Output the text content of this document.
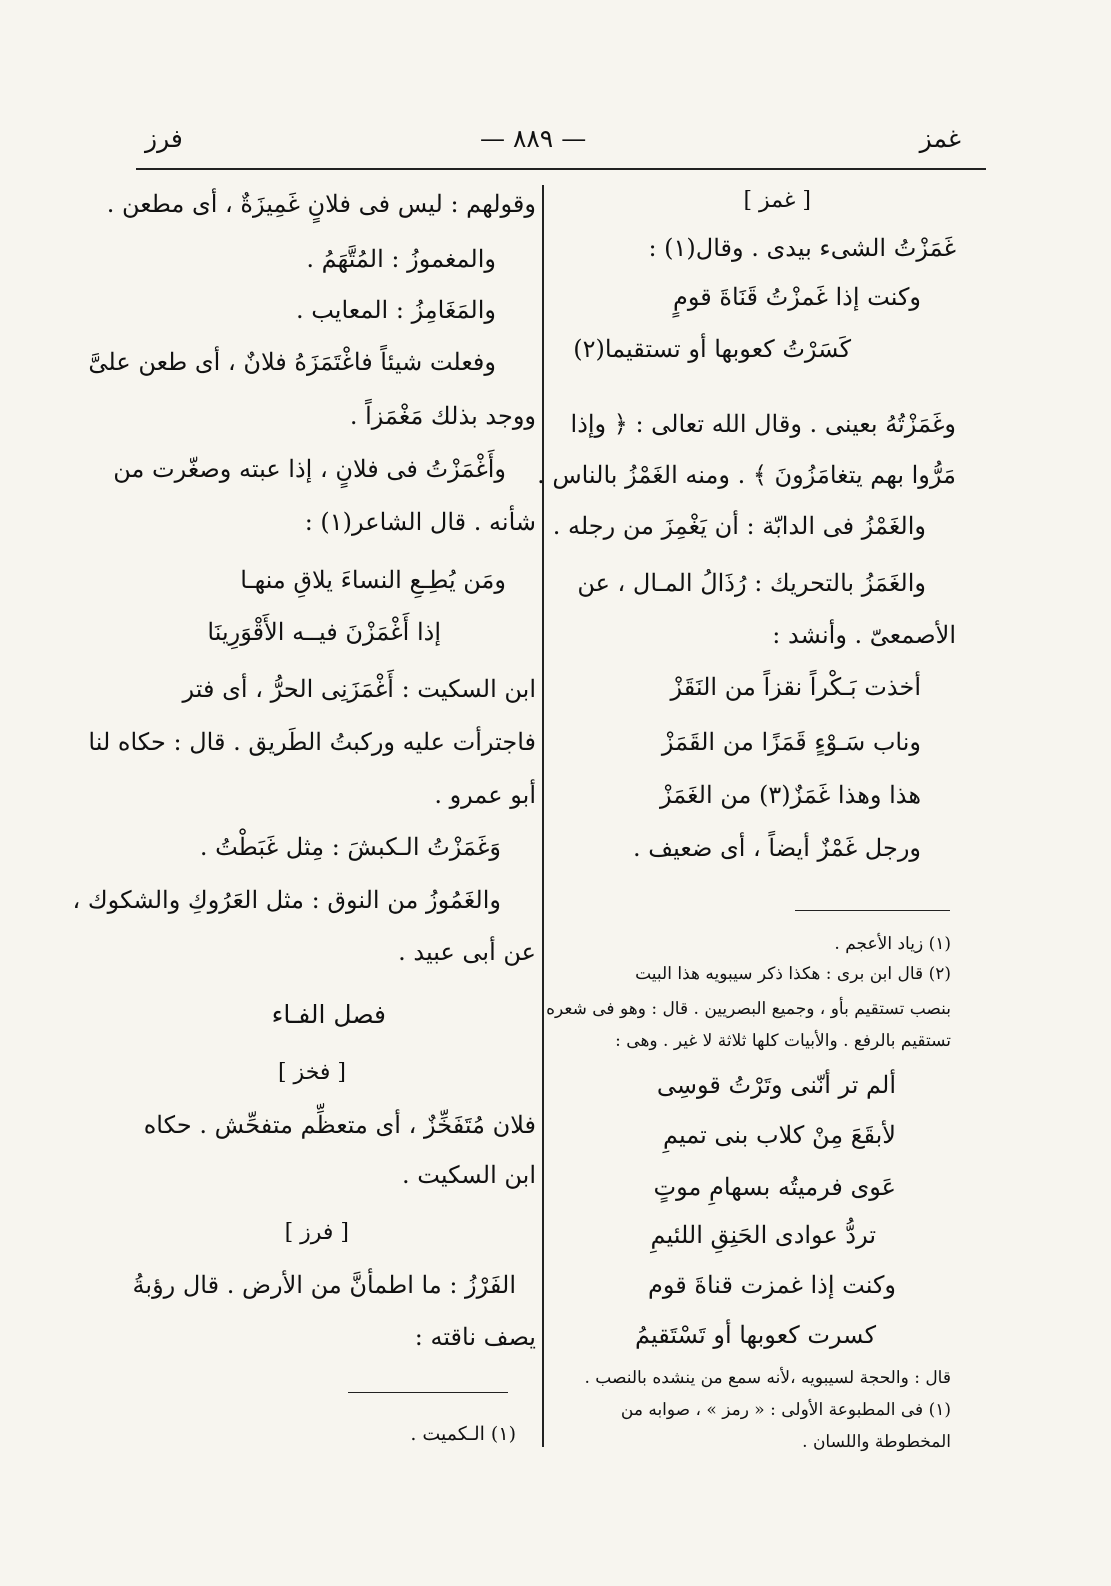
غمز
— ٨٨٩ —
فرز
[ غمز ]
غَمَزْتُ الشىء بيدى . وقال(١) :
وكنت إذا غَمزْتُ قَنَاةَ قومٍ
كَسَرْتُ كعوبها أو تستقيما(٢)
وغَمَزْتُهُ بعينى . وقال الله تعالى : ﴿ وإذا
مَرُّوا بهم يتغامَزُونَ ﴾ . ومنه الغَمْزُ بالناس .
والغَمْزُ فى الدابّة : أن يَغْمِزَ من رجله .
والغَمَزُ بالتحريك : رُذَالُ المـال ، عن
الأصمعىّ . وأنشد :
أخذت بَـكْراً نقزاً من النَقَزْ
وناب سَـوْءٍ قَمَزًا من القَمَزْ
هذا وهذا غَمَزٌ(٣) من الغَمَزْ
ورجل غَمْزٌ أيضاً ، أى ضعيف .
(١) زياد الأعجم .
(٢) قال ابن برى : هكذا ذكر سيبويه هذا البيت
بنصب تستقيم بأو ، وجميع البصريين . قال : وهو فى شعره
تستقيم بالرفع . والأبيات كلها ثلاثة لا غير . وهى :
ألم تر أنّنى وتَرْتُ قوسِى
لأبقَعَ مِنْ كلاب بنى تميمِ
عَوى فرميتُه بسهامِ موتٍ
تردُّ عوادى الحَنِقِ اللئيمِ
وكنت إذا غمزت قناةَ قوم
كسرت كعوبها أو تَسْتَقيمُ
قال : والحجة لسيبويه ،لأنه سمع من ينشده بالنصب .
(١) فى المطبوعة الأولى : « رمز » ، صوابه من
المخطوطة واللسان .
وقولهم : ليس فى فلانٍ غَمِيزَةٌ ، أى مطعن .
والمغموزُ : المُتَّهَمُ .
والمَغَامِزُ : المعايب .
وفعلت شيئاً فاغْتَمَزَهُ فلانٌ ، أى طعن علىَّ
ووجد بذلك مَغْمَزاً .
وأَغْمَزْتُ فى فلانٍ ، إذا عبته وصغّرت من
شأنه . قال الشاعر(١) :
ومَن يُطِـعِ النساءَ يلاقِ منهـا
إذا أَغْمَزْنَ فيــه الأَقْوَرِينَا
ابن السكيت : أَغْمَزَنِى الحرُّ ، أى فتر
فاجترأت عليه وركبتُ الطَريق . قال : حكاه لنا
أبو عمرو .
وَغَمَزْتُ الـكبشَ : مِثل غَبَطْتُ .
والغَمُوزُ من النوق : مثل العَرُوكِ والشكوك ،
عن أبى عبيد .
فصل الفـاء
[ فخز ]
فلان مُتَفَخِّزٌ ، أى متعظِّم متفحِّش . حكاه
ابن السكيت .
[ فرز ]
الفَرْزُ : ما اطمأنَّ من الأرض . قال رؤبةُ
يصف ناقته :
(١) الـكميت .
